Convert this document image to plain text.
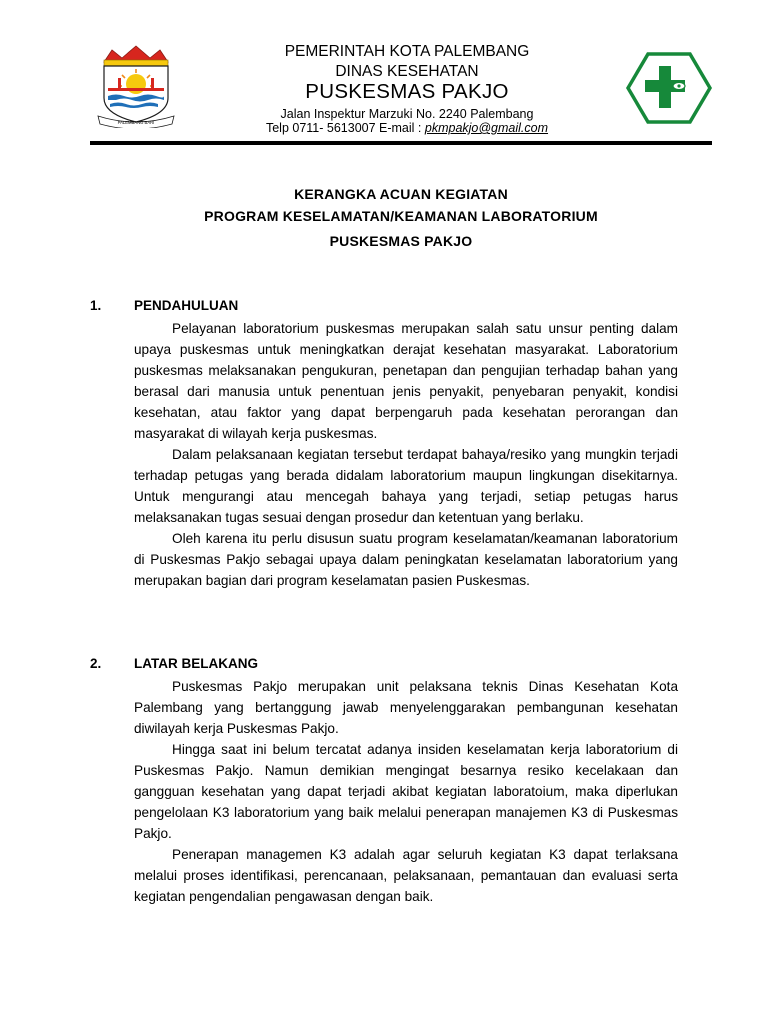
PALEMBANG BARI
PEMERINTAH KOTA PALEMBANG
DINAS KESEHATAN
PUSKESMAS PAKJO
Jalan Inspektur Marzuki No. 2240 Palembang
Telp 0711- 5613007 E-mail : pkmpakjo@gmail.com
KERANGKA ACUAN KEGIATAN
PROGRAM KESELAMATAN/KEAMANAN LABORATORIUM
PUSKESMAS PAKJO
1. PENDAHULUAN

Pelayanan laboratorium puskesmas merupakan salah satu unsur penting dalam upaya puskesmas untuk meningkatkan derajat kesehatan masyarakat. Laboratorium puskesmas melaksanakan pengukuran, penetapan dan pengujian terhadap bahan yang berasal dari manusia untuk penentuan jenis penyakit, penyebaran penyakit, kondisi kesehatan, atau faktor yang dapat berpengaruh pada kesehatan perorangan dan masyarakat di wilayah kerja puskesmas.

Dalam pelaksanaan kegiatan tersebut terdapat bahaya/resiko yang mungkin terjadi terhadap petugas yang berada didalam laboratorium maupun lingkungan disekitarnya. Untuk mengurangi atau mencegah bahaya yang terjadi, setiap petugas harus melaksanakan tugas sesuai dengan prosedur dan ketentuan yang berlaku.

Oleh karena itu perlu disusun suatu program keselamatan/keamanan laboratorium di Puskesmas Pakjo sebagai upaya dalam peningkatan keselamatan laboratorium yang merupakan bagian dari program keselamatan pasien Puskesmas.

2. LATAR BELAKANG

Puskesmas Pakjo merupakan unit pelaksana teknis Dinas Kesehatan Kota Palembang yang bertanggung jawab menyelenggarakan pembangunan kesehatan diwilayah kerja Puskesmas Pakjo.

Hingga saat ini belum tercatat adanya insiden keselamatan kerja laboratorium di Puskesmas Pakjo. Namun demikian mengingat besarnya resiko kecelakaan dan gangguan kesehatan yang dapat terjadi akibat kegiatan laboratoium, maka diperlukan pengelolaan K3 laboratorium yang baik melalui penerapan manajemen K3 di Puskesmas Pakjo.

Penerapan managemen K3 adalah agar seluruh kegiatan K3 dapat terlaksana melalui proses identifikasi, perencanaan, pelaksanaan, pemantauan dan evaluasi serta kegiatan pengendalian pengawasan dengan baik.
